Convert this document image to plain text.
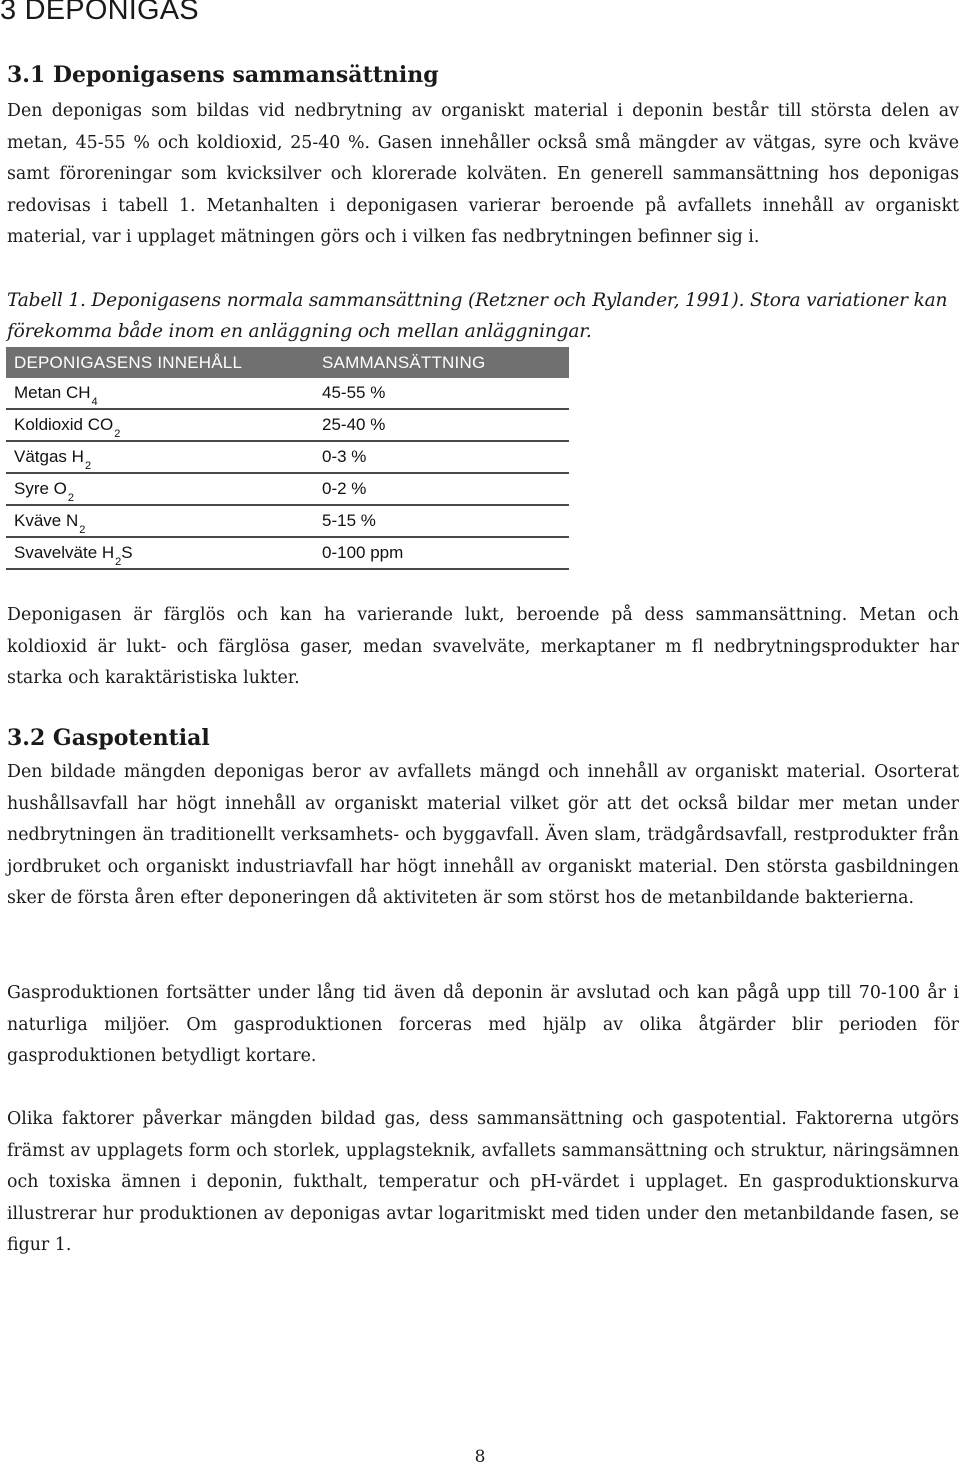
3 DEPONIGAS
3.1 Deponigasens sammansättning

Den deponigas som bildas vid nedbrytning av organiskt material i deponin består till största delen av metan, 45-55 % och koldioxid, 25-40 %. Gasen innehåller också små mängder av vätgas, syre och kväve samt föroreningar som kvicksilver och klorerade kolväten. En generell sammansättning hos deponigas redovisas i tabell 1. Metanhalten i deponigasen varierar beroende på avfallets innehåll av organiskt material, var i upplaget mätningen görs och i vilken fas nedbrytningen befinner sig i.

Tabell 1. Deponigasens normala sammansättning (Retzner och Rylander, 1991). Stora variationer kan förekomma både inom en anläggning och mellan anläggningar.

DEPONIGASENS INNEHÅLL	SAMMANSÄTTNING
Metan $CH_4$	45-55 %
Koldioxid $CO_2$	25-40 %
Vätgas $H_2$	0-3 %
Syre $O_2$	0-2 %
Kväve $N_2$	5-15 %
Svavelväte $H_2S$	0-100 ppm

Deponigasen är färglös och kan ha varierande lukt, beroende på dess sammansättning. Metan och koldioxid är lukt- och färglösa gaser, medan svavelväte, merkaptaner m fl nedbrytningsprodukter har starka och karaktäristiska lukter.

3.2 Gaspotential

Den bildade mängden deponigas beror av avfallets mängd och innehåll av organiskt material. Osorterat hushållsavfall har högt innehåll av organiskt material vilket gör att det också bildar mer metan under nedbrytningen än traditionellt verksamhets- och byggavfall. Även slam, trädgårdsavfall, restprodukter från jordbruket och organiskt industriavfall har högt innehåll av organiskt material. Den största gasbildningen sker de första åren efter deponeringen då aktiviteten är som störst hos de metanbildande bakterierna.

Gasproduktionen fortsätter under lång tid även då deponin är avslutad och kan pågå upp till 70-100 år i naturliga miljöer. Om gasproduktionen forceras med hjälp av olika åtgärder blir perioden för gasproduktionen betydligt kortare.

Olika faktorer påverkar mängden bildad gas, dess sammansättning och gaspotential. Faktorerna utgörs främst av upplagets form och storlek, upplagsteknik, avfallets sammansättning och struktur, näringsämnen och toxiska ämnen i deponin, fukthalt, temperatur och pH-värdet i upplaget. En gasproduktionskurva illustrerar hur produktionen av deponigas avtar logaritmiskt med tiden under den metanbildande fasen, se figur 1.

8
